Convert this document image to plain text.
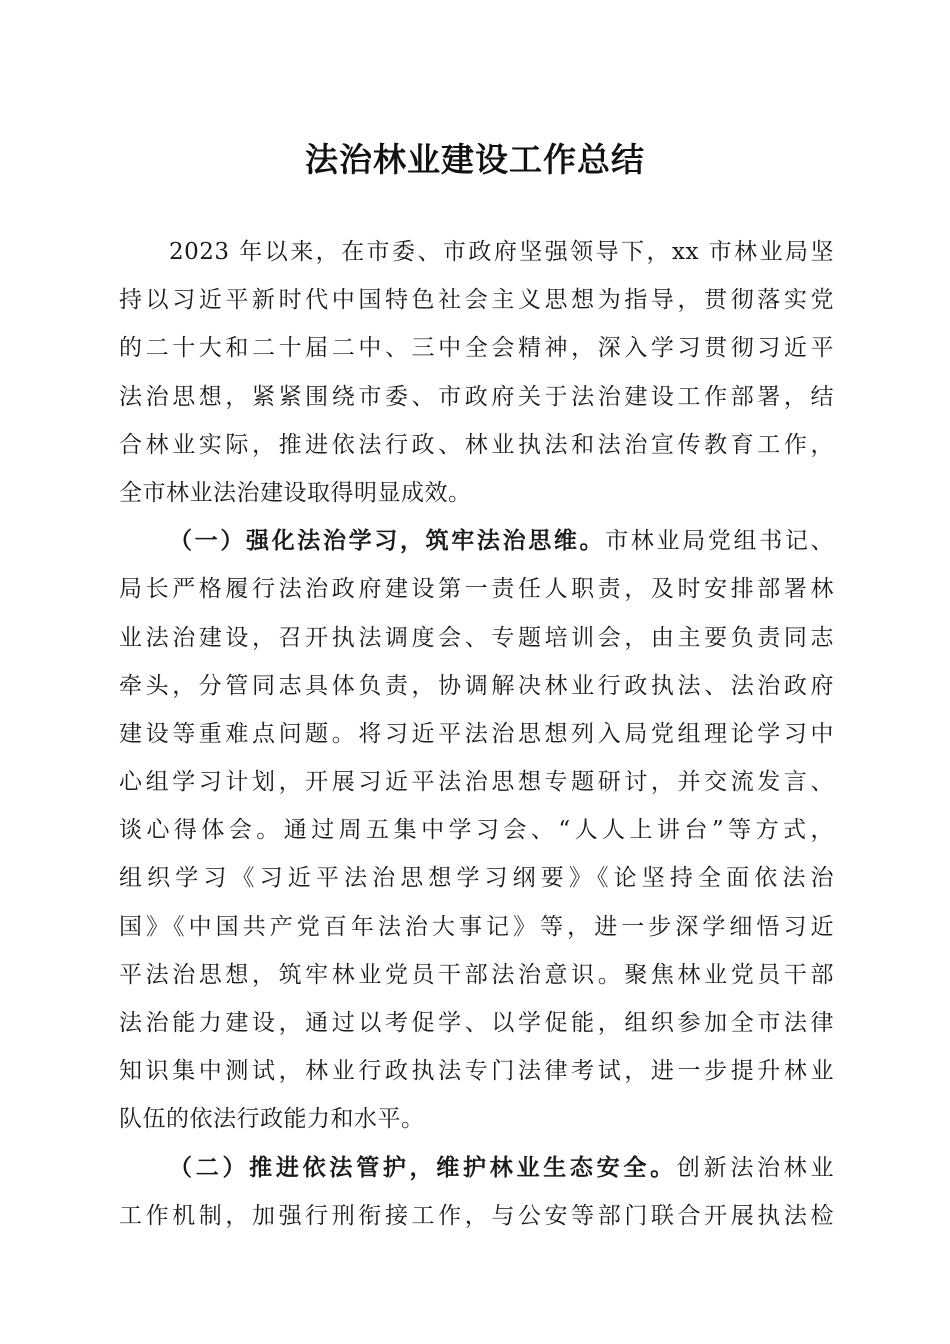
法治林业建设工作总结
2023 年以来，在市委、市政府坚强领导下，xx 市林业局坚
持以习近平新时代中国特色社会主义思想为指导，贯彻落实党
的二十大和二十届二中、三中全会精神，深入学习贯彻习近平
法治思想，紧紧围绕市委、市政府关于法治建设工作部署，结
合林业实际，推进依法行政、林业执法和法治宣传教育工作，
全市林业法治建设取得明显成效。
（一）强化法治学习，筑牢法治思维。市林业局党组书记、
局长严格履行法治政府建设第一责任人职责，及时安排部署林
业法治建设，召开执法调度会、专题培训会，由主要负责同志
牵头，分管同志具体负责，协调解决林业行政执法、法治政府
建设等重难点问题。将习近平法治思想列入局党组理论学习中
心组学习计划，开展习近平法治思想专题研讨，并交流发言、
谈心得体会。通过周五集中学习会、“人人上讲台”等方式，
组织学习《习近平法治思想学习纲要》《论坚持全面依法治
国》《中国共产党百年法治大事记》等，进一步深学细悟习近
平法治思想，筑牢林业党员干部法治意识。聚焦林业党员干部
法治能力建设，通过以考促学、以学促能，组织参加全市法律
知识集中测试，林业行政执法专门法律考试，进一步提升林业
队伍的依法行政能力和水平。
（二）推进依法管护，维护林业生态安全。创新法治林业
工作机制，加强行刑衔接工作，与公安等部门联合开展执法检
